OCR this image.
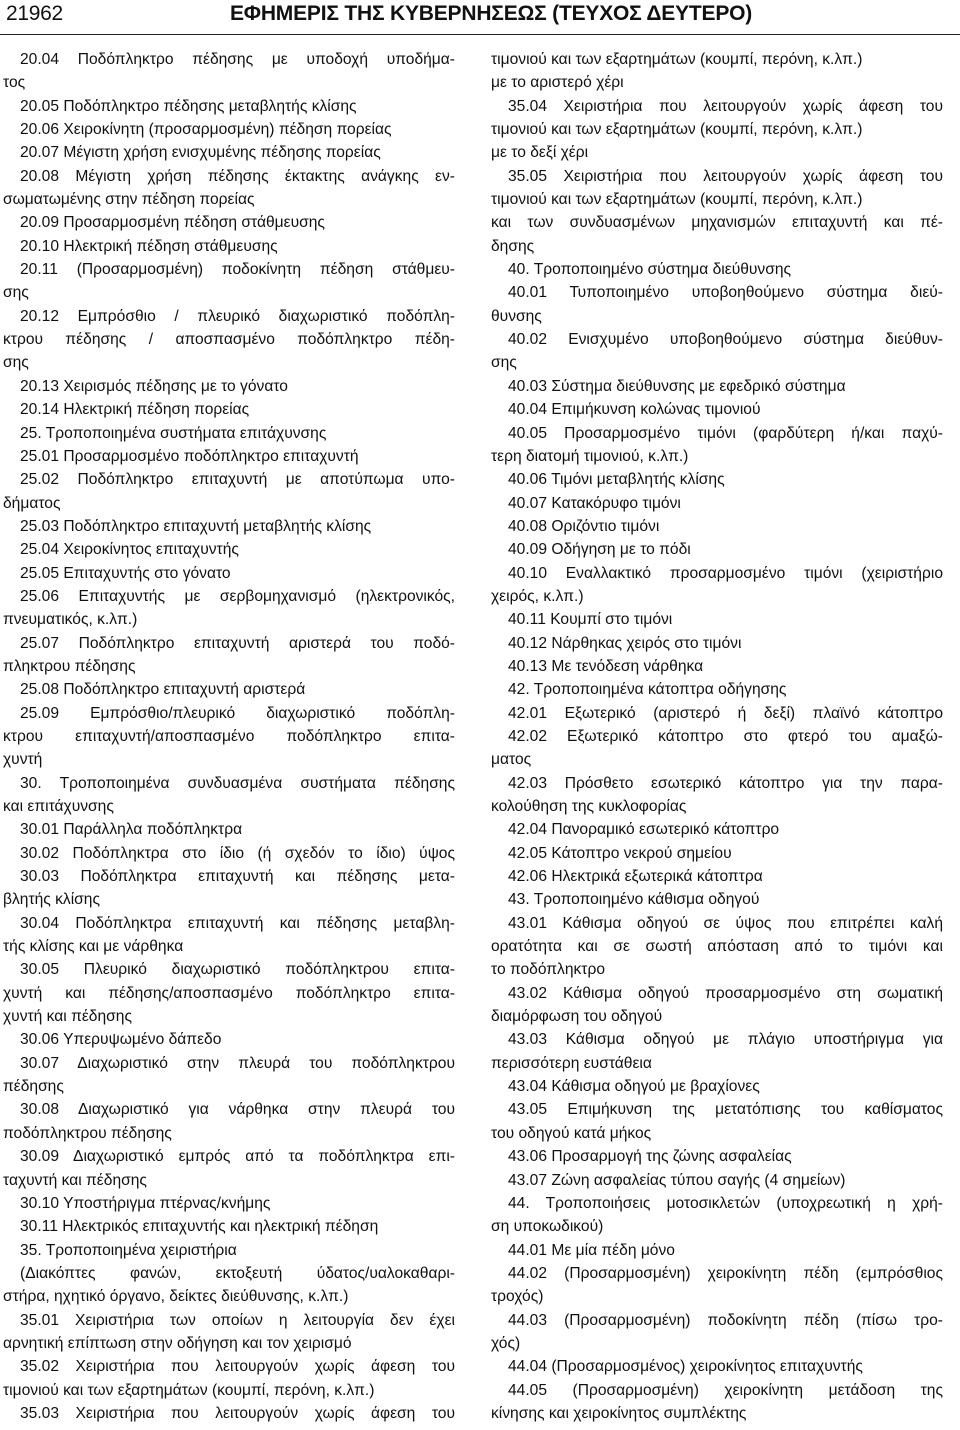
21962	ΕΦΗΜΕΡΙΣ ΤΗΣ ΚΥΒΕΡΝΗΣΕΩΣ (ΤΕΥΧΟΣ ΔΕΥΤΕΡΟ)
20.04 Ποδόπληκτρο πέδησης με υποδοχή υποδήμα-
τος
20.05 Ποδόπληκτρο πέδησης μεταβλητής κλίσης
20.06 Χειροκίνητη (προσαρμοσμένη) πέδηση πορείας
20.07 Μέγιστη χρήση ενισχυμένης πέδησης πορείας
20.08 Μέγιστη χρήση πέδησης έκτακτης ανάγκης εν-
σωματωμένης στην πέδηση πορείας
20.09 Προσαρμοσμένη πέδηση στάθμευσης
20.10 Ηλεκτρική πέδηση στάθμευσης
20.11 (Προσαρμοσμένη) ποδοκίνητη πέδηση στάθμευ-
σης
20.12 Εμπρόσθιο / πλευρικό διαχωριστικό ποδόπλη-
κτρου πέδησης / αποσπασμένο ποδόπληκτρο πέδη-
σης
20.13 Χειρισμός πέδησης με το γόνατο
20.14 Ηλεκτρική πέδηση πορείας
25. Τροποποιημένα συστήματα επιτάχυνσης
25.01 Προσαρμοσμένο ποδόπληκτρο επιταχυντή
25.02 Ποδόπληκτρο επιταχυντή με αποτύπωμα υπο-
δήματος
25.03 Ποδόπληκτρο επιταχυντή μεταβλητής κλίσης
25.04 Χειροκίνητος επιταχυντής
25.05 Επιταχυντής στο γόνατο
25.06 Επιταχυντής με σερβομηχανισμό (ηλεκτρονικός,
πνευματικός, κ.λπ.)
25.07 Ποδόπληκτρο επιταχυντή αριστερά του ποδό-
πληκτρου πέδησης
25.08 Ποδόπληκτρο επιταχυντή αριστερά
25.09 Εμπρόσθιο/πλευρικό διαχωριστικό ποδόπλη-
κτρου επιταχυντή/αποσπασμένο ποδόπληκτρο επιτα-
χυντή
30. Τροποποιημένα συνδυασμένα συστήματα πέδησης
και επιτάχυνσης
30.01 Παράλληλα ποδόπληκτρα
30.02 Ποδόπληκτρα στο ίδιο (ή σχεδόν το ίδιο) ύψος
30.03 Ποδόπληκτρα επιταχυντή και πέδησης μετα-
βλητής κλίσης
30.04 Ποδόπληκτρα επιταχυντή και πέδησης μεταβλη-
τής κλίσης και με νάρθηκα
30.05 Πλευρικό διαχωριστικό ποδόπληκτρου επιτα-
χυντή και πέδησης/αποσπασμένο ποδόπληκτρο επιτα-
χυντή και πέδησης
30.06 Υπερυψωμένο δάπεδο
30.07 Διαχωριστικό στην πλευρά του ποδόπληκτρου
πέδησης
30.08 Διαχωριστικό για νάρθηκα στην πλευρά του
ποδόπληκτρου πέδησης
30.09 Διαχωριστικό εμπρός από τα ποδόπληκτρα επι-
ταχυντή και πέδησης
30.10 Υποστήριγμα πτέρνας/κνήμης
30.11 Ηλεκτρικός επιταχυντής και ηλεκτρική πέδηση
35. Τροποποιημένα χειριστήρια
(Διακόπτες φανών, εκτοξευτή ύδατος/υαλοκαθαρι-
στήρα, ηχητικό όργανο, δείκτες διεύθυνσης, κ.λπ.)
35.01 Χειριστήρια των οποίων η λειτουργία δεν έχει
αρνητική επίπτωση στην οδήγηση και τον χειρισμό
35.02 Χειριστήρια που λειτουργούν χωρίς άφεση του
τιμονιού και των εξαρτημάτων (κουμπί, περόνη, κ.λπ.)
35.03 Χειριστήρια που λειτουργούν χωρίς άφεση του
τιμονιού και των εξαρτημάτων (κουμπί, περόνη, κ.λπ.)
με το αριστερό χέρι
35.04 Χειριστήρια που λειτουργούν χωρίς άφεση του
τιμονιού και των εξαρτημάτων (κουμπί, περόνη, κ.λπ.)
με το δεξί χέρι
35.05 Χειριστήρια που λειτουργούν χωρίς άφεση του
τιμονιού και των εξαρτημάτων (κουμπί, περόνη, κ.λπ.)
και των συνδυασμένων μηχανισμών επιταχυντή και πέ-
δησης
40. Τροποποιημένο σύστημα διεύθυνσης
40.01 Τυποποιημένο υποβοηθούμενο σύστημα διεύ-
θυνσης
40.02 Ενισχυμένο υποβοηθούμενο σύστημα διεύθυν-
σης
40.03 Σύστημα διεύθυνσης με εφεδρικό σύστημα
40.04 Επιμήκυνση κολώνας τιμονιού
40.05 Προσαρμοσμένο τιμόνι (φαρδύτερη ή/και παχύ-
τερη διατομή τιμονιού, κ.λπ.)
40.06 Τιμόνι μεταβλητής κλίσης
40.07 Κατακόρυφο τιμόνι
40.08 Οριζόντιο τιμόνι
40.09 Οδήγηση με το πόδι
40.10 Εναλλακτικό προσαρμοσμένο τιμόνι (χειριστήριο
χειρός, κ.λπ.)
40.11 Κουμπί στο τιμόνι
40.12 Νάρθηκας χειρός στο τιμόνι
40.13 Με τενόδεση νάρθηκα
42. Τροποποιημένα κάτοπτρα οδήγησης
42.01 Εξωτερικό (αριστερό ή δεξί) πλαϊνό κάτοπτρο
42.02 Εξωτερικό κάτοπτρο στο φτερό του αμαξώ-
ματος
42.03 Πρόσθετο εσωτερικό κάτοπτρο για την παρα-
κολούθηση της κυκλοφορίας
42.04 Πανοραμικό εσωτερικό κάτοπτρο
42.05 Κάτοπτρο νεκρού σημείου
42.06 Ηλεκτρικά εξωτερικά κάτοπτρα
43. Τροποποιημένο κάθισμα οδηγού
43.01 Κάθισμα οδηγού σε ύψος που επιτρέπει καλή
ορατότητα και σε σωστή απόσταση από το τιμόνι και
το ποδόπληκτρο
43.02 Κάθισμα οδηγού προσαρμοσμένο στη σωματική
διαμόρφωση του οδηγού
43.03 Κάθισμα οδηγού με πλάγιο υποστήριγμα για
περισσότερη ευστάθεια
43.04 Κάθισμα οδηγού με βραχίονες
43.05 Επιμήκυνση της μετατόπισης του καθίσματος
του οδηγού κατά μήκος
43.06 Προσαρμογή της ζώνης ασφαλείας
43.07 Ζώνη ασφαλείας τύπου σαγής (4 σημείων)
44. Τροποποιήσεις μοτοσικλετών (υποχρεωτική η χρή-
ση υποκωδικού)
44.01 Με μία πέδη μόνο
44.02 (Προσαρμοσμένη) χειροκίνητη πέδη (εμπρόσθιος
τροχός)
44.03 (Προσαρμοσμένη) ποδοκίνητη πέδη (πίσω τρο-
χός)
44.04 (Προσαρμοσμένος) χειροκίνητος επιταχυντής
44.05 (Προσαρμοσμένη) χειροκίνητη μετάδοση της
κίνησης και χειροκίνητος συμπλέκτης
